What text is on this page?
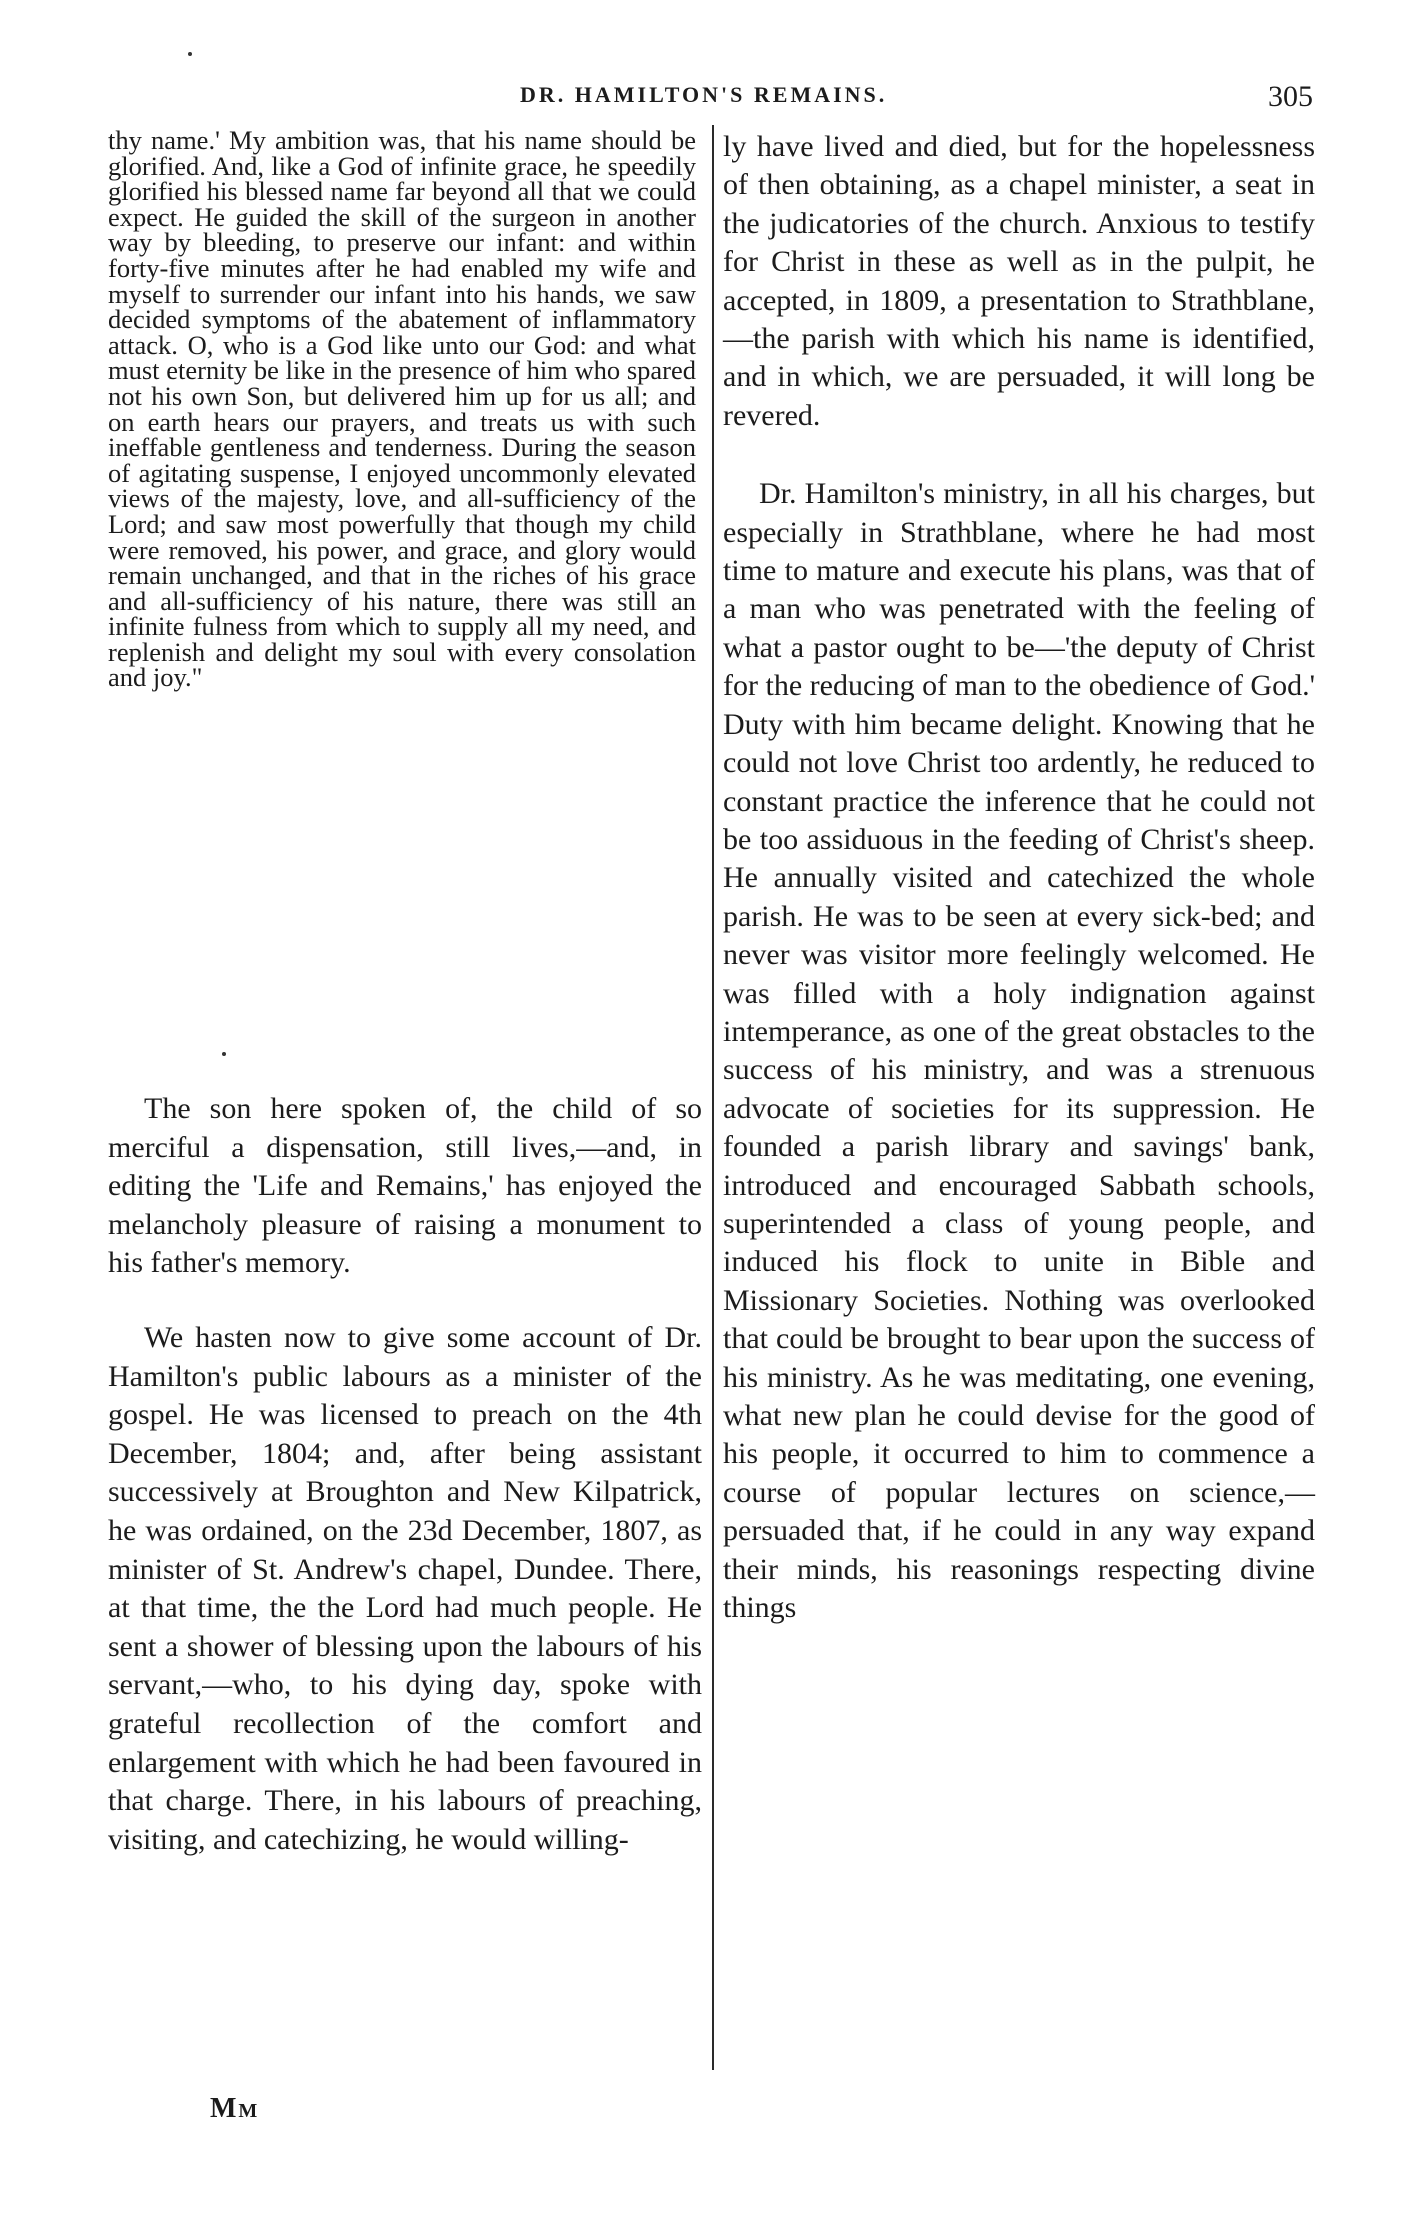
DR. HAMILTON'S REMAINS.	305

thy name.' My ambition was, that his name should be glorified. And, like a God of infinite grace, he speedily glorified his blessed name far beyond all that we could expect. He guided the skill of the surgeon in another way by bleeding, to preserve our infant: and within forty-five minutes after he had enabled my wife and myself to surrender our infant into his hands, we saw decided symptoms of the abatement of inflammatory attack. O, who is a God like unto our God: and what must eternity be like in the presence of him who spared not his own Son, but delivered him up for us all; and on earth hears our prayers, and treats us with such ineffable gentleness and tenderness. During the season of agitating suspense, I enjoyed uncommonly elevated views of the majesty, love, and all-sufficiency of the Lord; and saw most powerfully that though my child were removed, his power, and grace, and glory would remain unchanged, and that in the riches of his grace and all-sufficiency of his nature, there was still an infinite fulness from which to supply all my need, and replenish and delight my soul with every consolation and joy."

The son here spoken of, the child of so merciful a dispensation, still lives,—and, in editing the 'Life and Remains,' has enjoyed the melancholy pleasure of raising a monument to his father's memory.

We hasten now to give some account of Dr. Hamilton's public labours as a minister of the gospel. He was licensed to preach on the 4th December, 1804; and, after being assistant successively at Broughton and New Kilpatrick, he was ordained, on the 23d December, 1807, as minister of St. Andrew's chapel, Dundee. There, at that time, the the Lord had much people. He sent a shower of blessing upon the labours of his servant,—who, to his dying day, spoke with grateful recollection of the comfort and enlargement with which he had been favoured in that charge. There, in his labours of preaching, visiting, and catechizing, he would willing-

ly have lived and died, but for the hopelessness of then obtaining, as a chapel minister, a seat in the judicatories of the church. Anxious to testify for Christ in these as well as in the pulpit, he accepted, in 1809, a presentation to Strathblane,—the parish with which his name is identified, and in which, we are persuaded, it will long be revered.

Dr. Hamilton's ministry, in all his charges, but especially in Strathblane, where he had most time to mature and execute his plans, was that of a man who was penetrated with the feeling of what a pastor ought to be—'the deputy of Christ for the reducing of man to the obedience of God.' Duty with him became delight. Knowing that he could not love Christ too ardently, he reduced to constant practice the inference that he could not be too assiduous in the feeding of Christ's sheep. He annually visited and catechized the whole parish. He was to be seen at every sick-bed; and never was visitor more feelingly welcomed. He was filled with a holy indignation against intemperance, as one of the great obstacles to the success of his ministry, and was a strenuous advocate of societies for its suppression. He founded a parish library and savings' bank, introduced and encouraged Sabbath schools, superintended a class of young people, and induced his flock to unite in Bible and Missionary Societies. Nothing was overlooked that could be brought to bear upon the success of his ministry. As he was meditating, one evening, what new plan he could devise for the good of his people, it occurred to him to commence a course of popular lectures on science,—persuaded that, if he could in any way expand their minds, his reasonings respecting divine things

Mm
